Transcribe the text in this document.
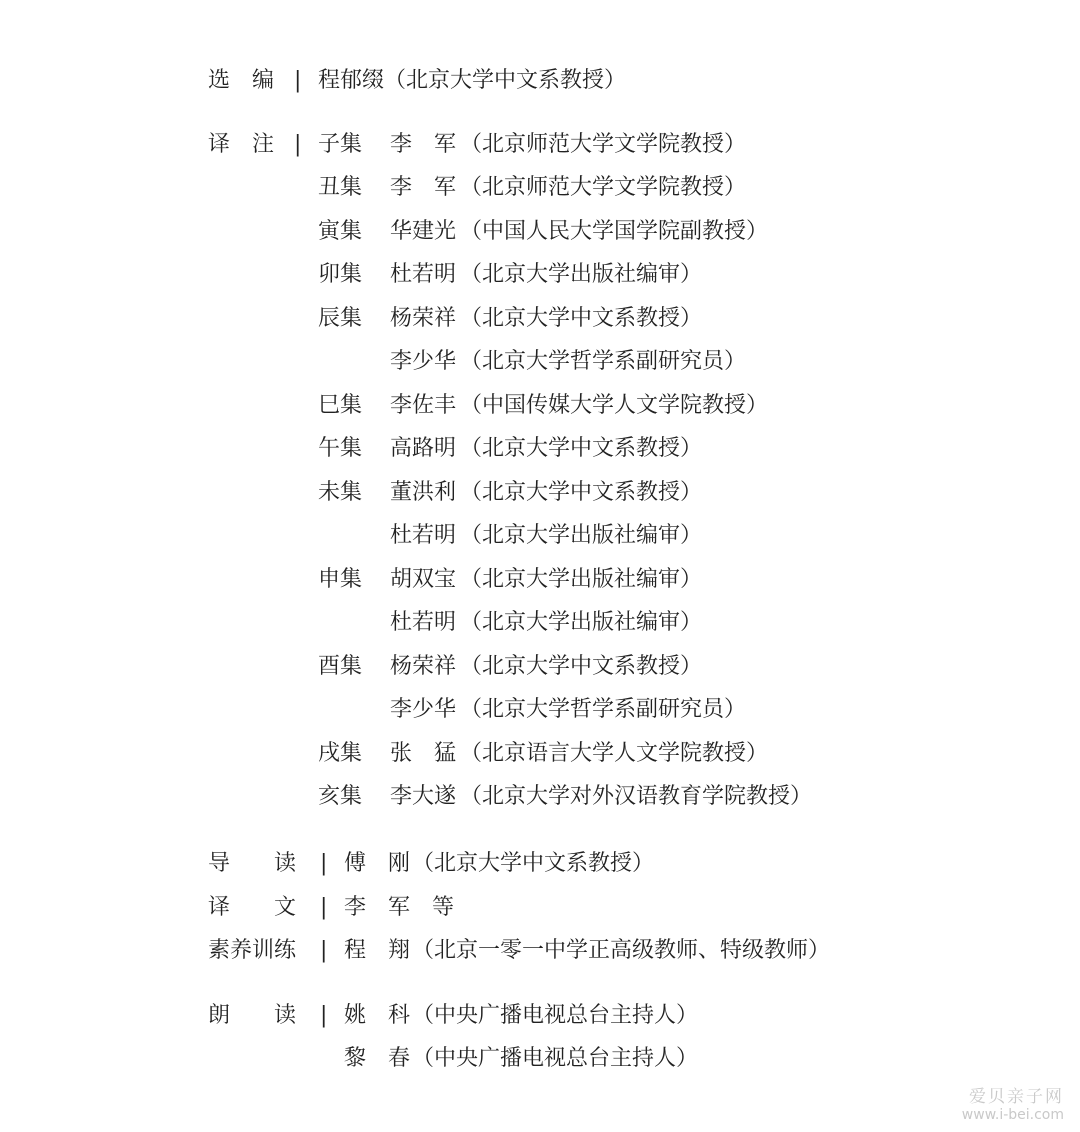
选　编 | 程郁缀 （北京大学中文系教授）
译　注 | 子集 李　军 （北京师范大学文学院教授）
丑集 李　军 （北京师范大学文学院教授）
寅集 华建光 （中国人民大学国学院副教授）
卯集 杜若明 （北京大学出版社编审）
辰集 杨荣祥 （北京大学中文系教授）
李少华 （北京大学哲学系副研究员）
巳集 李佐丰 （中国传媒大学人文学院教授）
午集 高路明 （北京大学中文系教授）
未集 董洪利 （北京大学中文系教授）
杜若明 （北京大学出版社编审）
申集 胡双宝 （北京大学出版社编审）
杜若明 （北京大学出版社编审）
酉集 杨荣祥 （北京大学中文系教授）
李少华 （北京大学哲学系副研究员）
戌集 张　猛 （北京语言大学人文学院教授）
亥集 李大遂 （北京大学对外汉语教育学院教授）
导　　读 | 傅　刚 （北京大学中文系教授）
译　　文 | 李　军　等
素养训练 | 程　翔 （北京一零一中学正高级教师、特级教师）
朗　　读 | 姚　科 （中央广播电视总台主持人）
黎　春 （中央广播电视总台主持人）
爱贝亲子网
www.i-bei.com
